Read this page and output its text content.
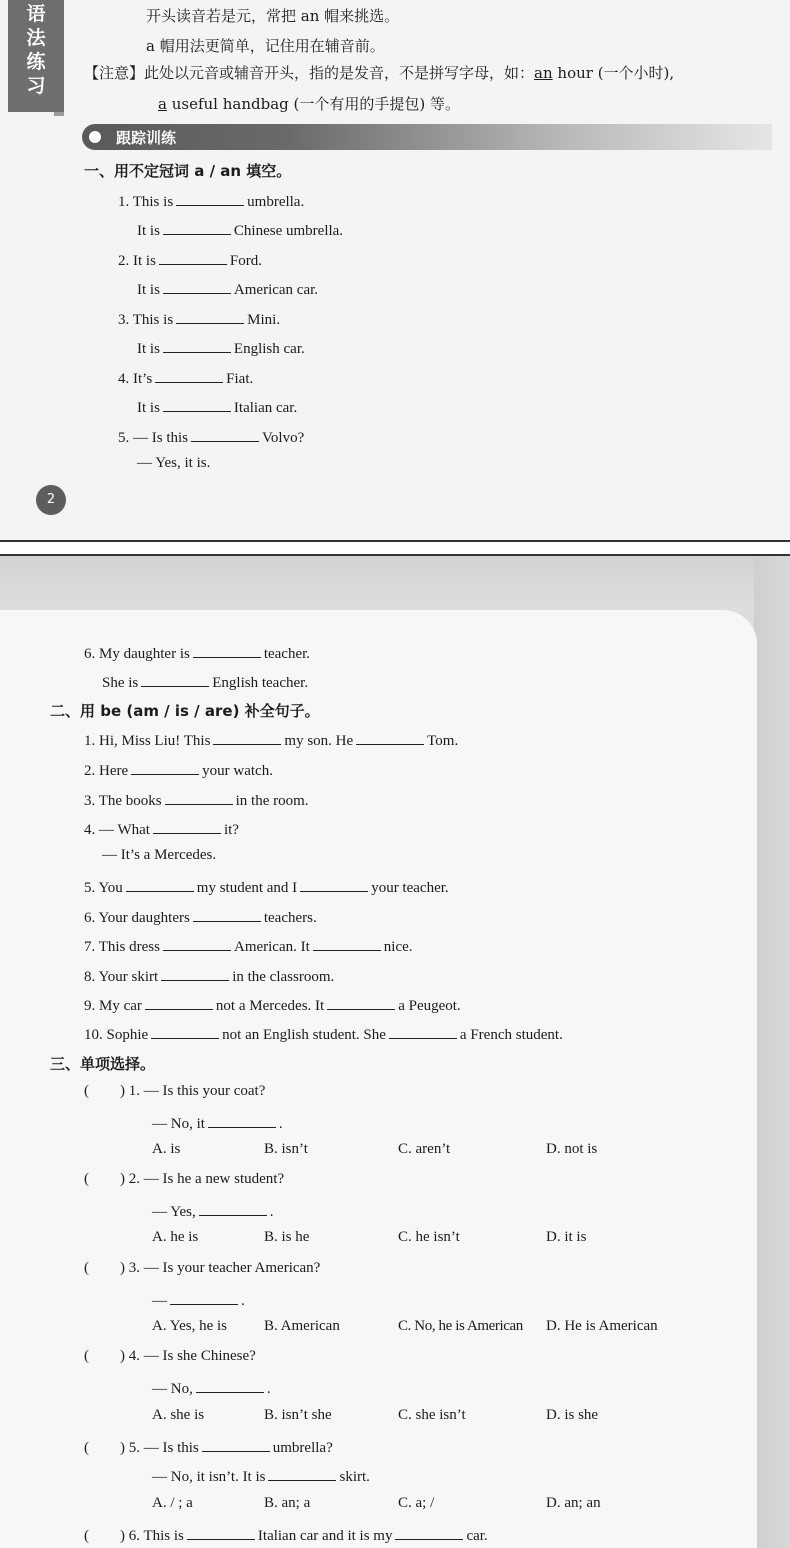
语
法
练
习
开头读音若是元，常把 an 帽来挑选。
a 帽用法更简单，记住用在辅音前。
【注意】此处以元音或辅音开头，指的是发音，不是拼写字母，如：an hour (一个小时),
a useful handbag (一个有用的手提包) 等。
跟踪训练
一、用不定冠词 a / an 填空。
1. This is	umbrella.
It is	Chinese umbrella.
2. It is	Ford.
It is	American car.
3. This is	Mini.
It is	English car.
4. It’s	Fiat.
It is	Italian car.
5. — Is this	Volvo?
— Yes, it is.
2
6. My daughter is	teacher.
She is	English teacher.
二、用 be (am / is / are) 补全句子。
1. Hi, Miss Liu! This	my son. He	Tom.
2. Here	your watch.
3. The books	in the room.
4. — What	it?
— It’s a Mercedes.
5. You	my student and I	your teacher.
6. Your daughters	teachers.
7. This dress	American. It	nice.
8. Your skirt	in the classroom.
9. My car	not a Mercedes. It	a Peugeot.
10. Sophie	not an English student. She	a French student.
三、单项选择。
( ) 1. — Is this your coat?
— No, it	.
A. is	B. isn’t	C. aren’t	D. not is
( ) 2. — Is he a new student?
— Yes,	.
A. he is	B. is he	C. he isn’t	D. it is
( ) 3. — Is your teacher American?
—	.
A. Yes, he is B. American	C. No, he is American D. He is American
( ) 4. — Is she Chinese?
— No,	.
A. she is	B. isn’t she	C. she isn’t	D. is she
( ) 5. — Is this	umbrella?
— No, it isn’t. It is	skirt.
A. / ; a	B. an; a	C. a; /	D. an; an
( ) 6. This is	Italian car and it is my	car.
